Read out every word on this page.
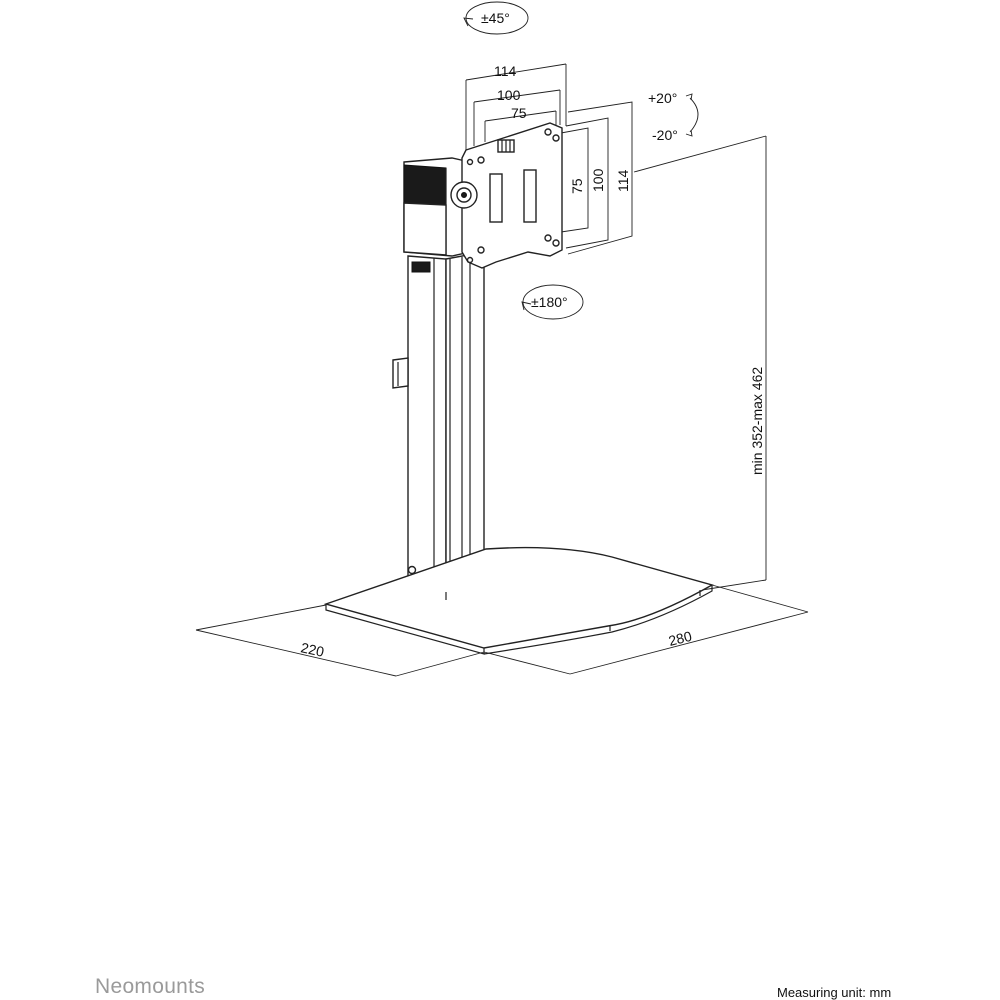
±45°
114
100
75
75 100 114
+20°
-20°
±180°
min 352-max 462
220
280
Neomounts	Measuring unit: mm
